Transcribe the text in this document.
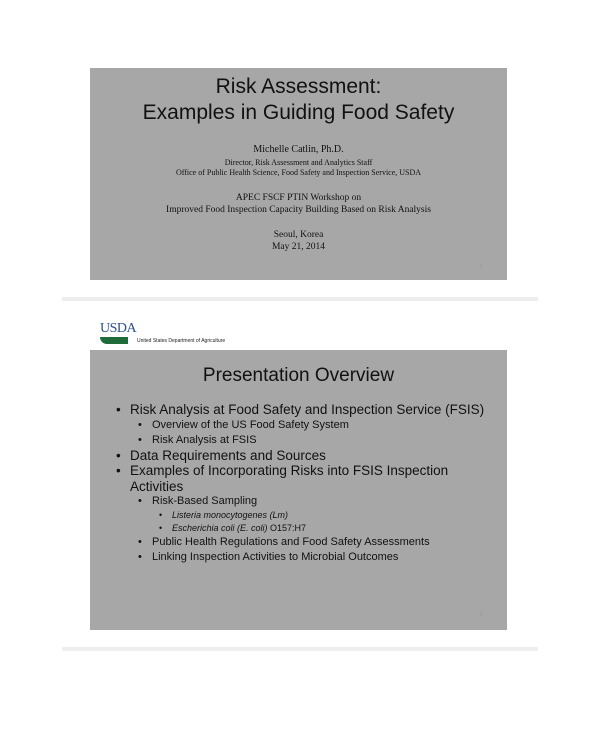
Risk Assessment:
Examples in Guiding Food Safety
Michelle Catlin, Ph.D.
Director, Risk Assessment and Analytics Staff
Office of Public Health Science, Food Safety and Inspection Service, USDA
APEC FSCF PTIN Workshop on
Improved Food Inspection Capacity Building Based on Risk Analysis
Seoul, Korea
May 21, 2014
1
USDA
United States Department of Agriculture
Presentation Overview
• Risk Analysis at Food Safety and Inspection Service (FSIS)
• Overview of the US Food Safety System
• Risk Analysis at FSIS
• Data Requirements and Sources
• Examples of Incorporating Risks into FSIS Inspection Activities
• Risk-Based Sampling
• Listeria monocytogenes (Lm)
• Escherichia coli (E. coli) O157:H7
• Public Health Regulations and Food Safety Assessments
• Linking Inspection Activities to Microbial Outcomes
2
